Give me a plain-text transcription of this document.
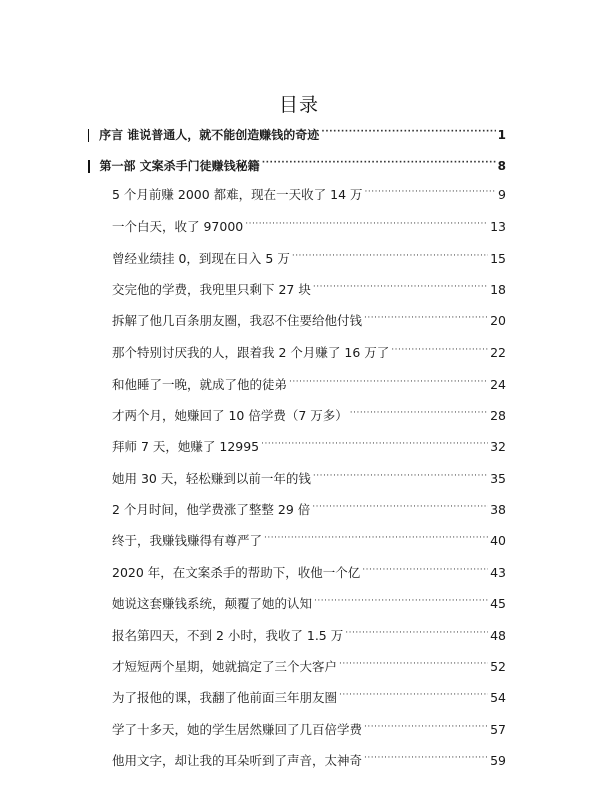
目录
序言 谁说普通人，就不能创造赚钱的奇迹 ·····	1
第一部 文案杀手门徒赚钱秘籍 ·····	8
5 个月前赚 2000 都难，现在一天收了 14 万 ·····	9
一个白天，收了 97000 ·····	13
曾经业绩挂 0，到现在日入 5 万 ·····	15
交完他的学费，我兜里只剩下 27 块 ·····	18
拆解了他几百条朋友圈，我忍不住要给他付钱 ·····	20
那个特别讨厌我的人，跟着我 2 个月赚了 16 万了 ·····	22
和他睡了一晚，就成了他的徒弟 ·····	24
才两个月，她赚回了 10 倍学费（7 万多） ·····	28
拜师 7 天，她赚了 12995 ·····	32
她用 30 天，轻松赚到以前一年的钱 ·····	35
2 个月时间，他学费涨了整整 29 倍 ·····	38
终于，我赚钱赚得有尊严了 ·····	40
2020 年，在文案杀手的帮助下，收他一个亿 ·····	43
她说这套赚钱系统，颠覆了她的认知 ·····	45
报名第四天，不到 2 小时，我收了 1.5 万 ·····	48
才短短两个星期，她就搞定了三个大客户 ·····	52
为了报他的课，我翻了他前面三年朋友圈 ·····	54
学了十多天，她的学生居然赚回了几百倍学费 ·····	57
他用文字，却让我的耳朵听到了声音，太神奇 ·····	59
